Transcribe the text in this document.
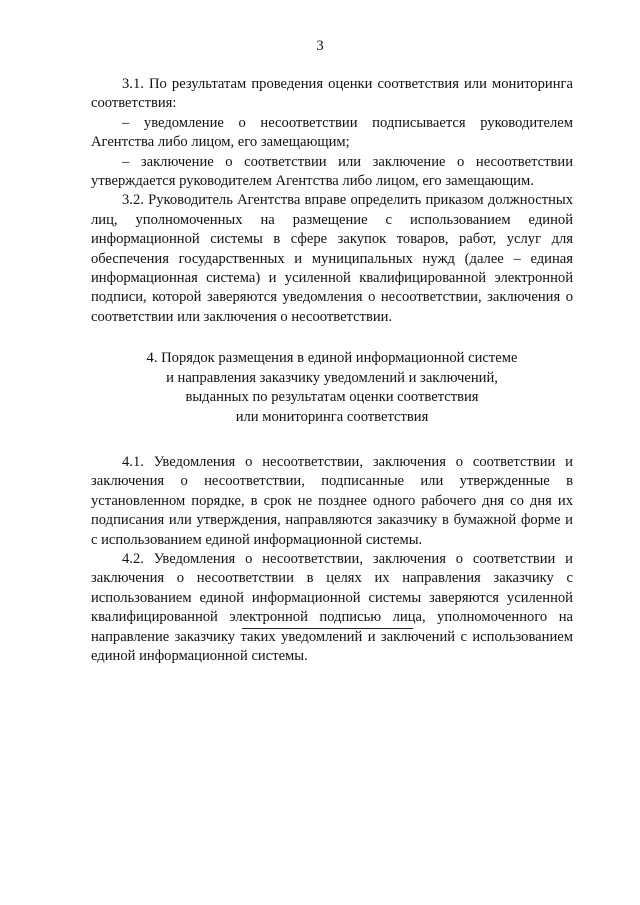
3

3.1. По результатам проведения оценки соответствия или мониторинга соответствия:

– уведомление о несоответствии подписывается руководителем Агентства либо лицом, его замещающим;

– заключение о соответствии или заключение о несоответствии утверждается руководителем Агентства либо лицом, его замещающим.

3.2. Руководитель Агентства вправе определить приказом должностных лиц, уполномоченных на размещение с использованием единой информационной системы в сфере закупок товаров, работ, услуг для обеспечения государственных и муниципальных нужд (далее – единая информационная система) и усиленной квалифицированной электронной подписи, которой заверяются уведомления о несоответствии, заключения о соответствии или заключения о несоответствии.

4. Порядок размещения в единой информационной системе
и направления заказчику уведомлений и заключений,
выданных по результатам оценки соответствия
или мониторинга соответствия

4.1. Уведомления о несоответствии, заключения о соответствии и заключения о несоответствии, подписанные или утвержденные в установленном порядке, в срок не позднее одного рабочего дня со дня их подписания или утверждения, направляются заказчику в бумажной форме и с использованием единой информационной системы.

4.2. Уведомления о несоответствии, заключения о соответствии и заключения о несоответствии в целях их направления заказчику с использованием единой информационной системы заверяются усиленной квалифицированной электронной подписью лица, уполномоченного на направление заказчику таких уведомлений и заключений с использованием единой информационной системы.
